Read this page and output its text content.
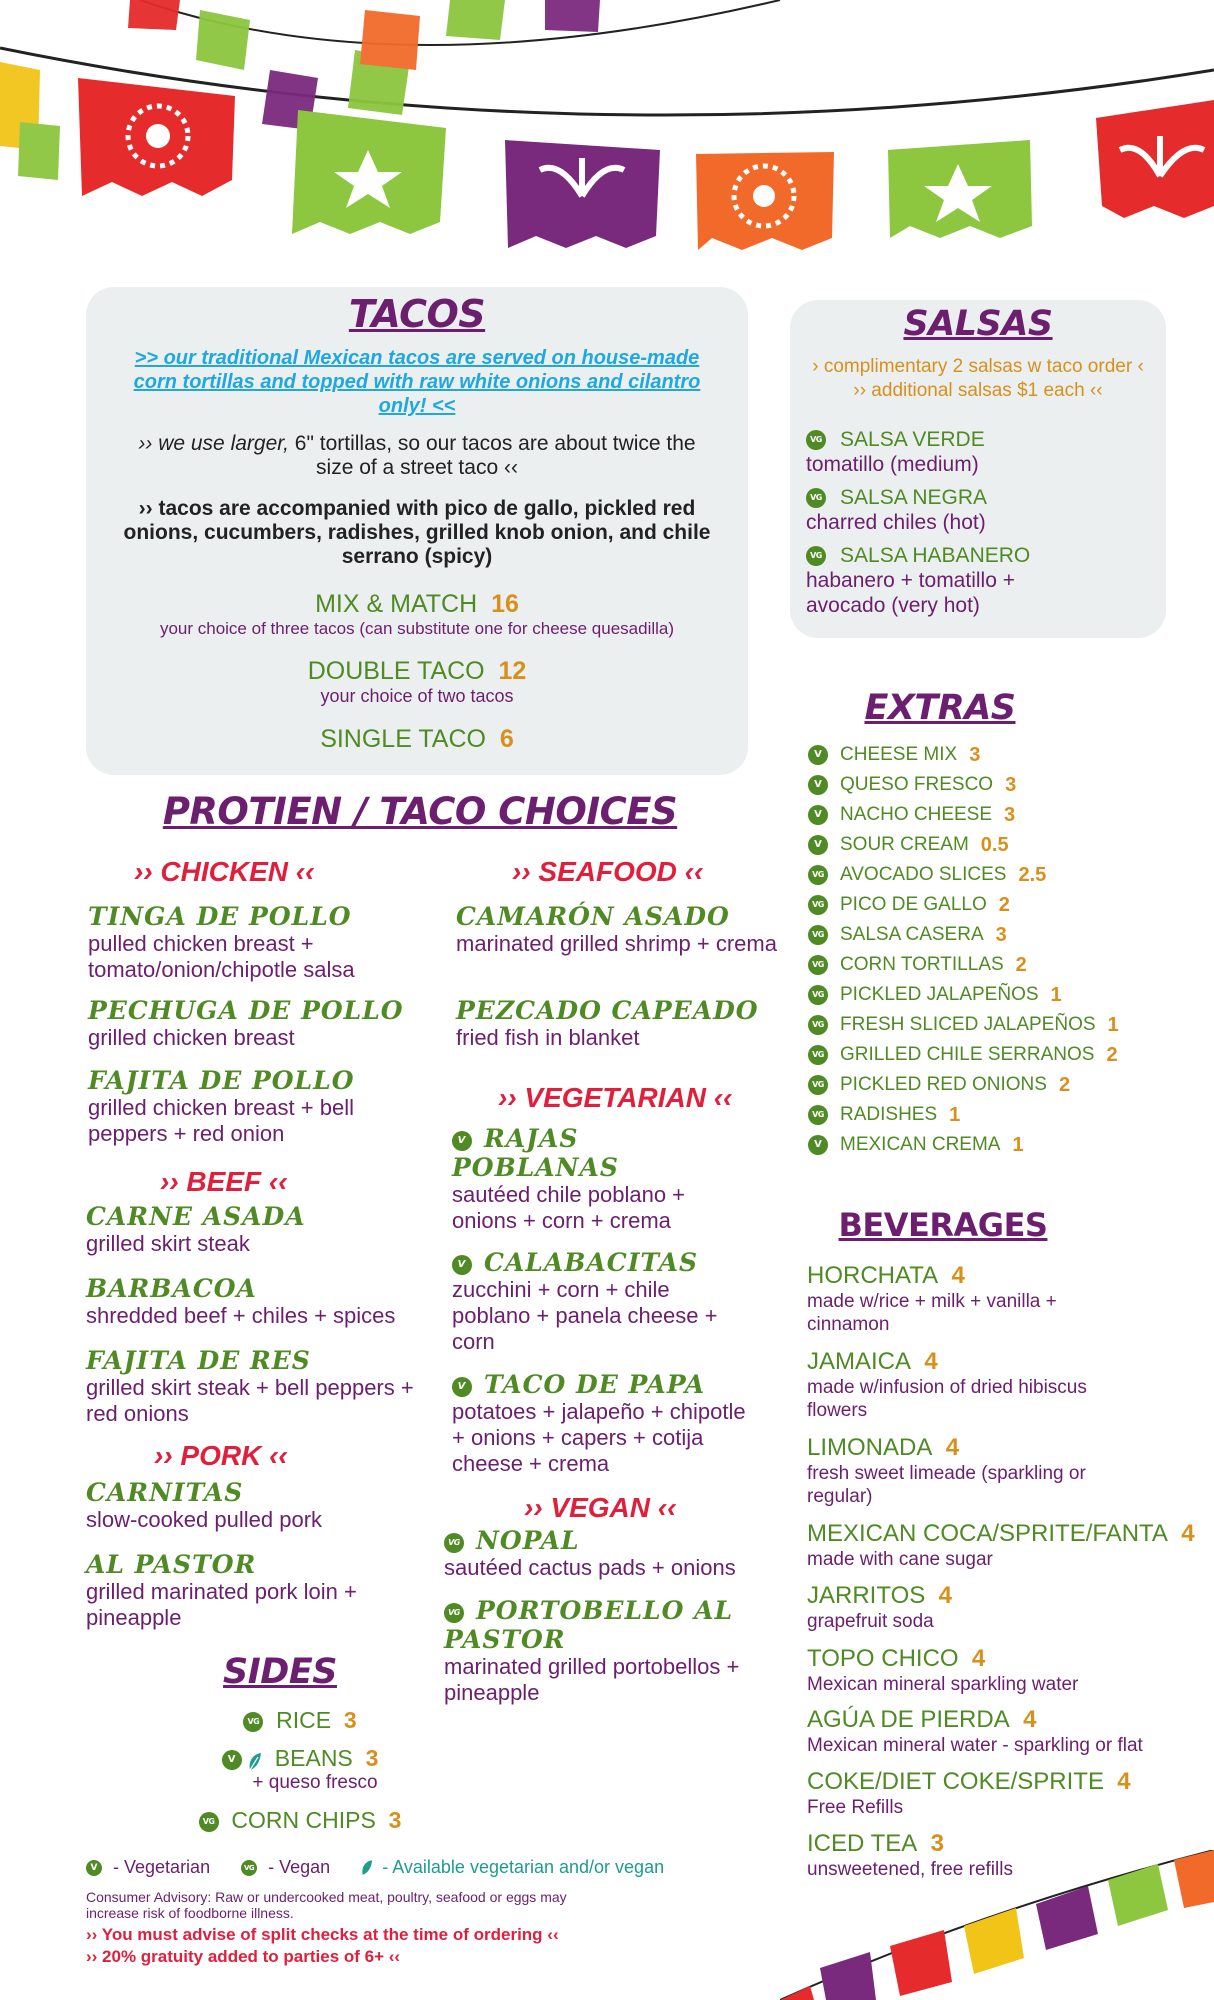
TACOS
>> our traditional Mexican tacos are served on house-made corn tortillas and topped with raw white onions and cilantro only! <<
›› we use larger, 6" tortillas, so our tacos are about twice the size of a street taco ‹‹
›› tacos are accompanied with pico de gallo, pickled red onions, cucumbers, radishes, grilled knob onion, and chile serrano (spicy)
MIX & MATCH 16
your choice of three tacos (can substitute one for cheese quesadilla)
DOUBLE TACO 12
your choice of two tacos
SINGLE TACO 6
PROTIEN / TACO CHOICES
›› CHICKEN ‹‹
TINGA DE POLLO
pulled chicken breast + tomato/onion/chipotle salsa
PECHUGA DE POLLO
grilled chicken breast
FAJITA DE POLLO
grilled chicken breast + bell peppers + red onion
›› BEEF ‹‹
CARNE ASADA
grilled skirt steak
BARBACOA
shredded beef + chiles + spices
FAJITA DE RES
grilled skirt steak + bell peppers + red onions
›› PORK ‹‹
CARNITAS
slow-cooked pulled pork
AL PASTOR
grilled marinated pork loin + pineapple
›› SEAFOOD ‹‹
CAMARÓN ASADO
marinated grilled shrimp + crema
PEZCADO CAPEADO
fried fish in blanket
›› VEGETARIAN ‹‹
V RAJAS POBLANAS
sautéed chile poblano + onions + corn + crema
V CALABACITAS
zucchini + corn + chile poblano + panela cheese + corn
V TACO DE PAPA
potatoes + jalapeño + chipotle + onions + capers + cotija cheese + crema
›› VEGAN ‹‹
VG NOPAL
sautéed cactus pads + onions
VG PORTOBELLO AL PASTOR
marinated grilled portobellos + pineapple
SIDES
VG RICE 3
V BEANS 3
+ queso fresco
VG CORN CHIPS 3
V - Vegetarian	VG - Vegan	- Available vegetarian and/or vegan
Consumer Advisory: Raw or undercooked meat, poultry, seafood or eggs may increase risk of foodborne illness.
›› You must advise of split checks at the time of ordering ‹‹
›› 20% gratuity added to parties of 6+ ‹‹
SALSAS
› complimentary 2 salsas w taco order ‹
›› additional salsas $1 each ‹‹
VG SALSA VERDE
tomatillo (medium)
VG SALSA NEGRA
charred chiles (hot)
VG SALSA HABANERO
habanero + tomatillo + avocado (very hot)
EXTRAS
V CHEESE MIX 3
V QUESO FRESCO 3
V NACHO CHEESE 3
V SOUR CREAM 0.5
VG AVOCADO SLICES 2.5
VG PICO DE GALLO 2
VG SALSA CASERA 3
VG CORN TORTILLAS 2
VG PICKLED JALAPEÑOS 1
VG FRESH SLICED JALAPEÑOS 1
VG GRILLED CHILE SERRANOS 2
VG PICKLED RED ONIONS 2
VG RADISHES 1
V MEXICAN CREMA 1
BEVERAGES
HORCHATA 4
made w/rice + milk + vanilla + cinnamon
JAMAICA 4
made w/infusion of dried hibiscus flowers
LIMONADA 4
fresh sweet limeade (sparkling or regular)
MEXICAN COCA/SPRITE/FANTA 4
made with cane sugar
JARRITOS 4
grapefruit soda
TOPO CHICO 4
Mexican mineral sparkling water
AGÚA DE PIERDA 4
Mexican mineral water - sparkling or flat
COKE/DIET COKE/SPRITE 4
Free Refills
ICED TEA 3
unsweetened, free refills
